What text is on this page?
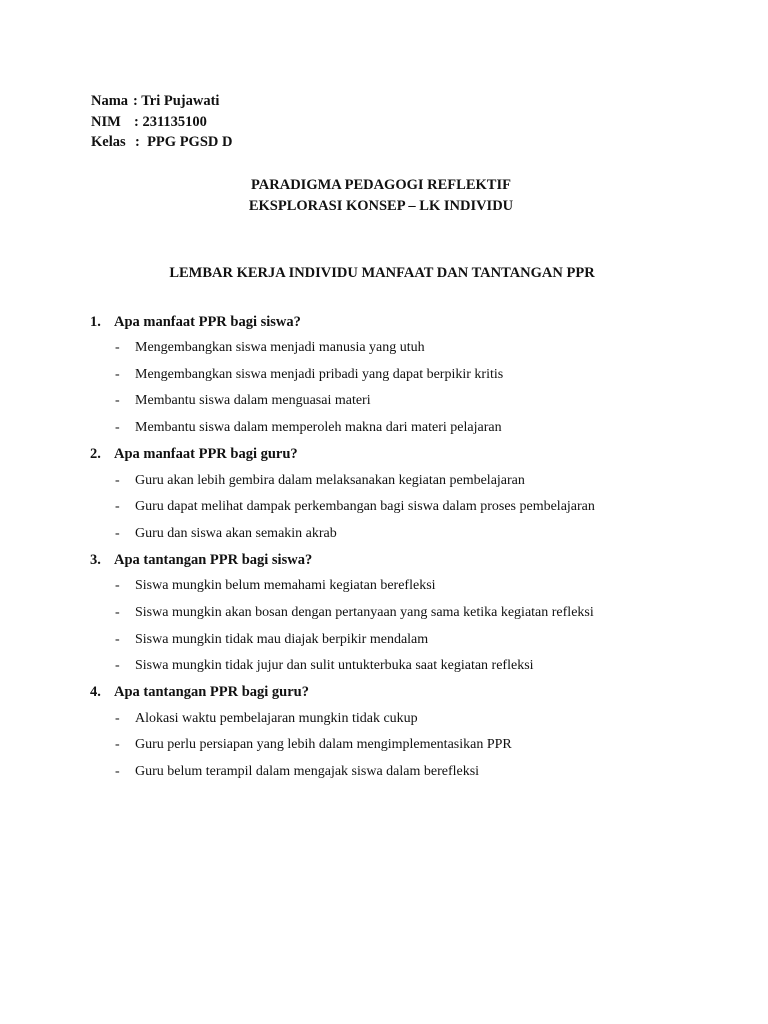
Nama : Tri Pujawati
NIM : 231135100
Kelas :  PPG PGSD D
PARADIGMA PEDAGOGI REFLEKTIF
EKSPLORASI KONSEP – LK INDIVIDU
LEMBAR KERJA INDIVIDU MANFAAT DAN TANTANGAN PPR
1. Apa manfaat PPR bagi siswa?
-	Mengembangkan siswa menjadi manusia yang utuh
-	Mengembangkan siswa menjadi pribadi yang dapat berpikir kritis
-	Membantu siswa dalam menguasai materi
-	Membantu siswa dalam memperoleh makna dari materi pelajaran
2. Apa manfaat PPR bagi guru?
-	Guru akan lebih gembira dalam melaksanakan kegiatan pembelajaran
-	Guru dapat melihat dampak perkembangan bagi siswa dalam proses pembelajaran
-	Guru dan siswa akan semakin akrab
3. Apa tantangan PPR bagi siswa?
-	Siswa mungkin belum memahami kegiatan berefleksi
-	Siswa mungkin akan bosan dengan pertanyaan yang sama ketika kegiatan refleksi
-	Siswa mungkin tidak mau diajak berpikir mendalam
-	Siswa mungkin tidak jujur dan sulit untukterbuka saat kegiatan refleksi
4. Apa tantangan PPR bagi guru?
-	Alokasi waktu pembelajaran mungkin tidak cukup
-	Guru perlu persiapan yang lebih dalam mengimplementasikan PPR
-	Guru belum terampil dalam mengajak siswa dalam berefleksi
